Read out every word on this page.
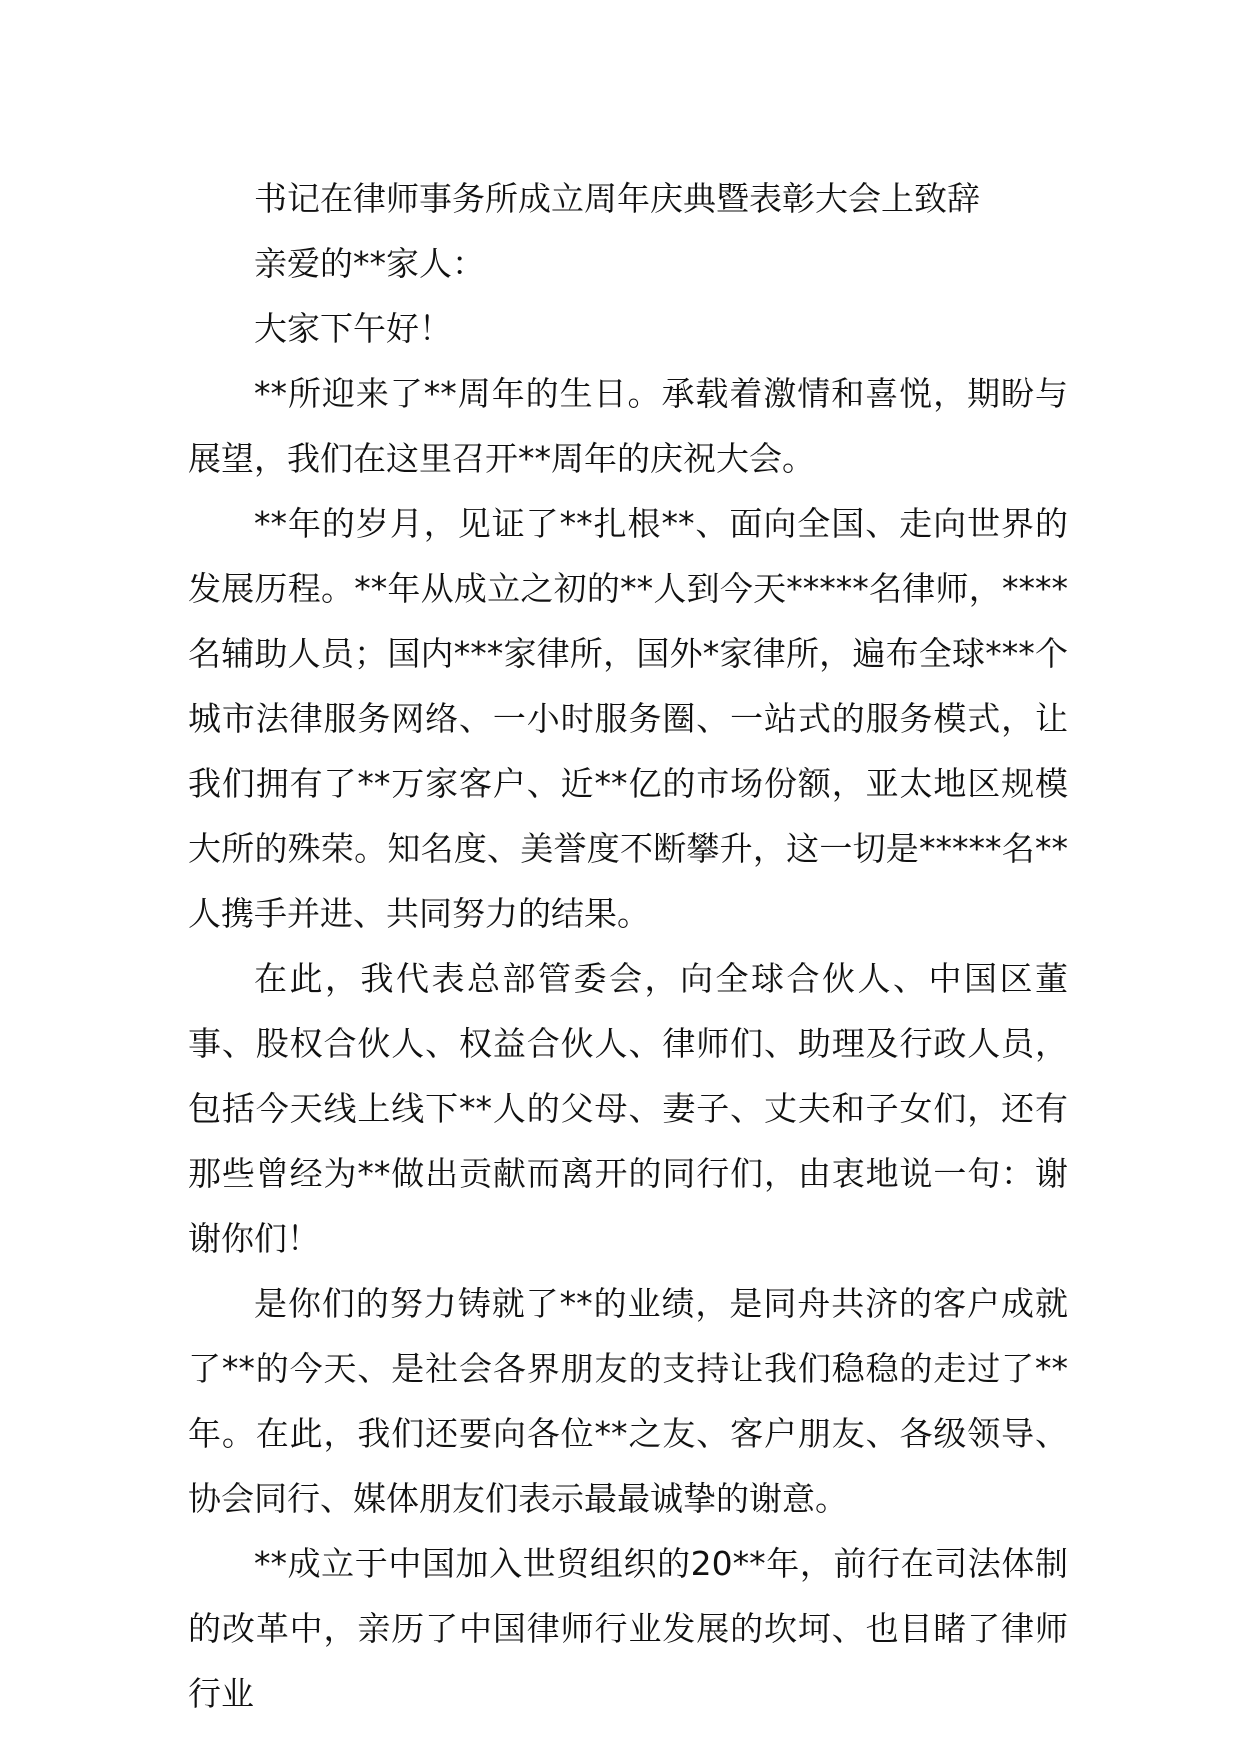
书记在律师事务所成立周年庆典暨表彰大会上致辞

亲爱的**家人：

大家下午好！

**所迎来了**周年的生日。承载着激情和喜悦，期盼与展望，我们在这里召开**周年的庆祝大会。

**年的岁月，见证了**扎根**、面向全国、走向世界的发展历程。**年从成立之初的**人到今天*****名律师，****名辅助人员；国内***家律所，国外*家律所，遍布全球***个城市法律服务网络、一小时服务圈、一站式的服务模式，让我们拥有了**万家客户、近**亿的市场份额，亚太地区规模大所的殊荣。知名度、美誉度不断攀升，这一切是*****名**人携手并进、共同努力的结果。

在此，我代表总部管委会，向全球合伙人、中国区董事、股权合伙人、权益合伙人、律师们、助理及行政人员，包括今天线上线下**人的父母、妻子、丈夫和子女们，还有那些曾经为**做出贡献而离开的同行们，由衷地说一句：谢谢你们！

是你们的努力铸就了**的业绩，是同舟共济的客户成就了**的今天、是社会各界朋友的支持让我们稳稳的走过了**年。在此，我们还要向各位**之友、客户朋友、各级领导、协会同行、媒体朋友们表示最最诚挚的谢意。

**成立于中国加入世贸组织的20**年，前行在司法体制的改革中，亲历了中国律师行业发展的坎坷、也目睹了律师行业
